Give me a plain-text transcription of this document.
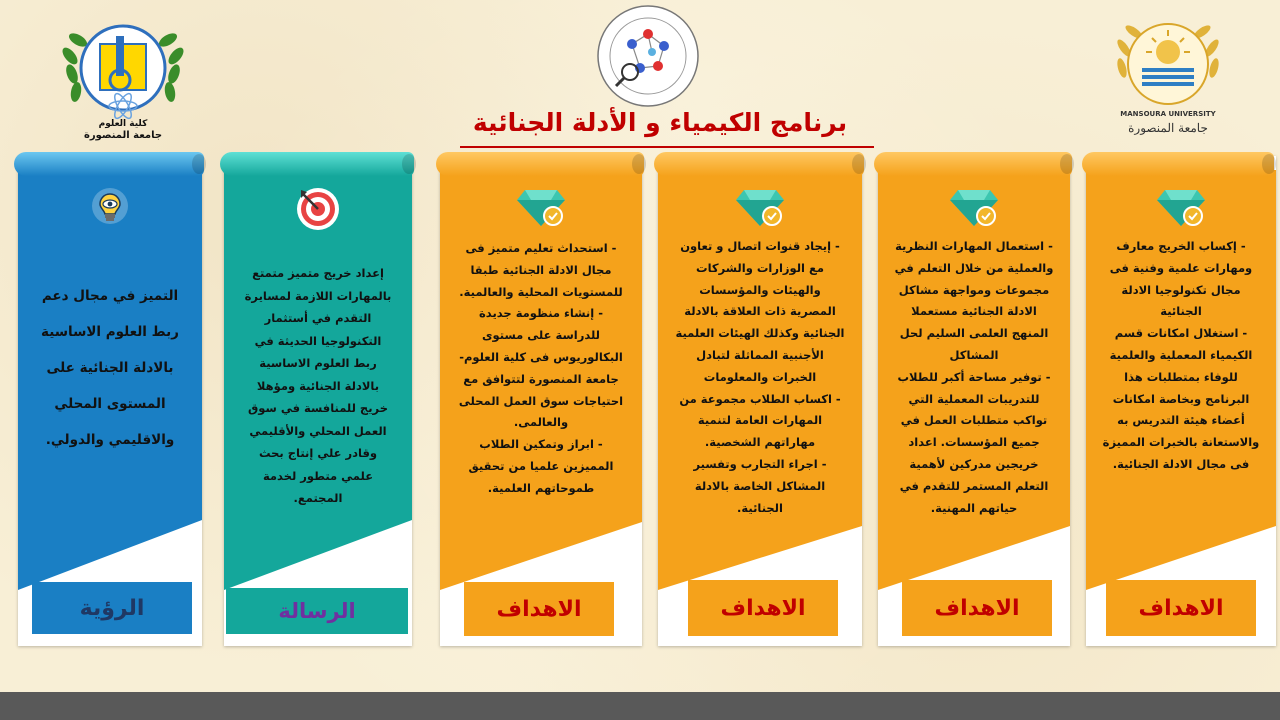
كلية العلوم
جامعة المنصورة
MANSOURA UNIVERSITY
جامعة المنصورة
برنامج الكيمياء و الأدلة الجنائية
التميز في مجال دعم
ربط العلوم الاساسية
بالادلة الجنائية على
المستوى المحلي
والاقليمي والدولي.
الرؤية
إعداد خريج متميز متمتع
بالمهارات اللازمة لمسايرة
التقدم في أستثمار
التكنولوجيا الحديثة في
ربط العلوم الاساسية
بالادلة الجنائية ومؤهلا
خريج للمنافسة في سوق
العمل المحلي والأقليمي
وقادر علي إنتاج بحث
علمي متطور لخدمة
المجتمع.
الرسالة
- استحداث تعليم متميز فى
مجال الادلة الجنائية طبقا
للمستويات المحلية والعالمية.
- إنشاء منظومة جديدة
للدراسة على مستوى
البكالوريوس فى كلية العلوم-
جامعة المنصورة لتتوافق مع
احتياجات سوق العمل المحلى
والعالمى.
- ابراز وتمكين الطلاب
المميزين علميا من تحقيق
طموحاتهم العلمية.
الاهداف
- إيجاد قنوات اتصال و تعاون
مع الوزارات والشركات
والهيئات والمؤسسات
المصرية ذات العلاقة بالادلة
الجنائية وكذلك الهيئات العلمية
الأجنبية المماثلة لتبادل
الخبرات والمعلومات
- اكساب الطلاب مجموعة من
المهارات العامة لتنمية
مهاراتهم الشخصية.
- اجراء التجارب وتفسير
المشاكل الخاصة بالادلة
الجنائية.
الاهداف
- استعمال المهارات النظرية
والعملية من خلال التعلم في
مجموعات ومواجهة مشاكل
الادلة الجنائية مستعملا
المنهج العلمى السليم لحل
المشاكل
- توفير مساحة أكبر للطلاب
للتدريبات المعملية التي
تواكب متطلبات العمل في
جميع المؤسسات. اعداد
خريجين مدركين لأهمية
التعلم المستمر للتقدم في
حياتهم المهنية.
الاهداف
- إكساب الخريج معارف
ومهارات علمية وفنية فى
مجال تكنولوجيا الادلة
الجنائية
- استغلال امكانات قسم
الكيمياء المعملية والعلمية
للوفاء بمتطلبات هذا
البرنامج وبخاصة امكانات
أعضاء هيئة التدريس به
والاستعانة بالخبرات المميزة
فى مجال الادلة الجنائية.
الاهداف
